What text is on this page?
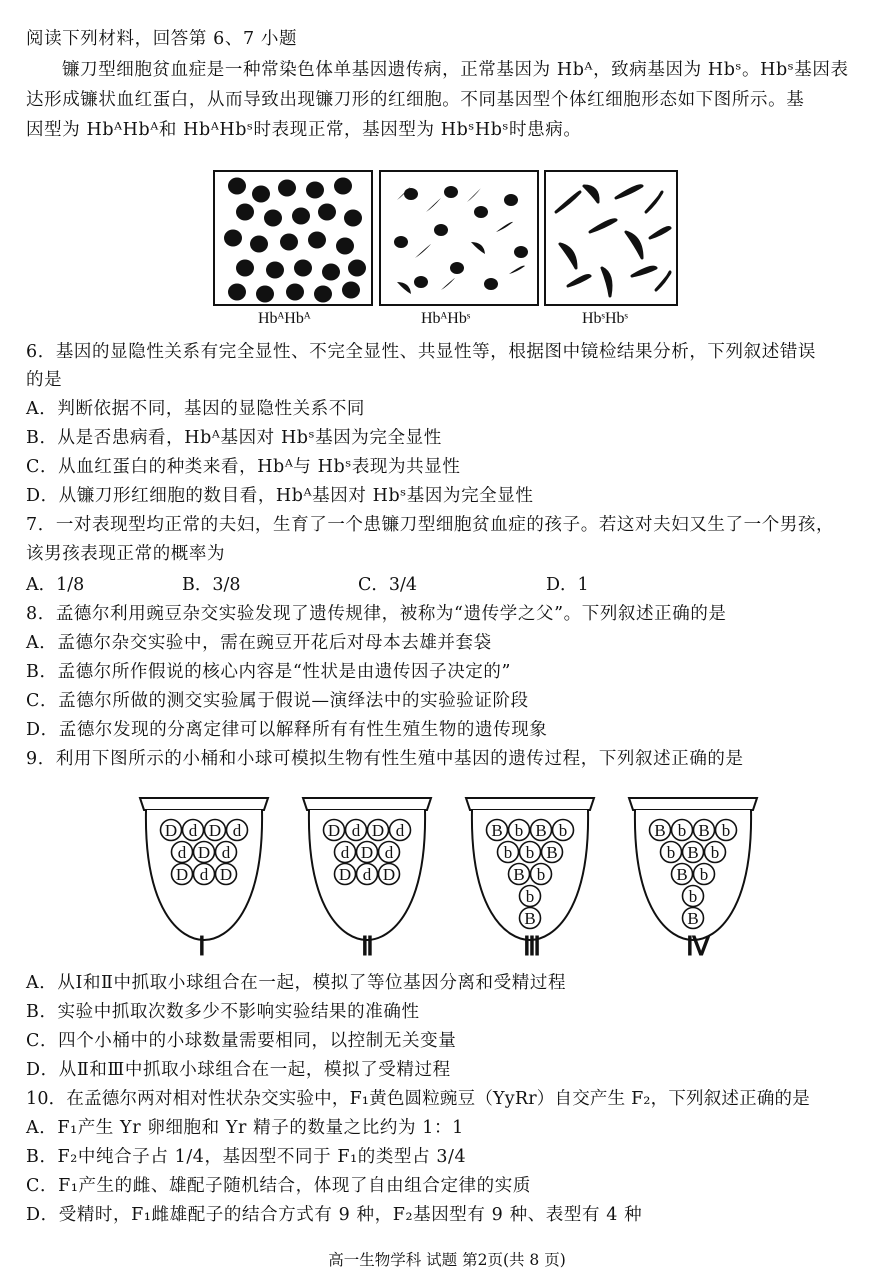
阅读下列材料，回答第 6、7 小题
镰刀型细胞贫血症是一种常染色体单基因遗传病，正常基因为 Hbᴬ，致病基因为 Hbˢ。Hbˢ基因表
达形成镰状血红蛋白，从而导致出现镰刀形的红细胞。不同基因型个体红细胞形态如下图所示。基
因型为 HbᴬHbᴬ和 HbᴬHbˢ时表现正常，基因型为 HbˢHbˢ时患病。
HbᴬHbᴬ	HbᴬHbˢ	HbˢHbˢ
6．基因的显隐性关系有完全显性、不完全显性、共显性等，根据图中镜检结果分析，下列叙述错误
的是
A．判断依据不同，基因的显隐性关系不同
B．从是否患病看，Hbᴬ基因对 Hbˢ基因为完全显性
C．从血红蛋白的种类来看，Hbᴬ与 Hbˢ表现为共显性
D．从镰刀形红细胞的数目看，Hbᴬ基因对 Hbˢ基因为完全显性
7．一对表现型均正常的夫妇，生育了一个患镰刀型细胞贫血症的孩子。若这对夫妇又生了一个男孩，
该男孩表现正常的概率为
A．1/8	B．3/8	C．3/4	D．1
8．孟德尔利用豌豆杂交实验发现了遗传规律，被称为“遗传学之父”。下列叙述正确的是
A．孟德尔杂交实验中，需在豌豆开花后对母本去雄并套袋
B．孟德尔所作假说的核心内容是“性状是由遗传因子决定的”
C．孟德尔所做的测交实验属于假说—演绎法中的实验验证阶段
D．孟德尔发现的分离定律可以解释所有有性生殖生物的遗传现象
9．利用下图所示的小桶和小球可模拟生物有性生殖中基因的遗传过程，下列叙述正确的是
D d D d
d D d
D d D
D d D d
d D d
D d D
B b B b
b b B
B b
b
B
B b B b
b B b
B b
b
B
Ⅰ	Ⅱ	Ⅲ	Ⅳ
A．从Ⅰ和Ⅱ中抓取小球组合在一起，模拟了等位基因分离和受精过程
B．实验中抓取次数多少不影响实验结果的准确性
C．四个小桶中的小球数量需要相同，以控制无关变量
D．从Ⅱ和Ⅲ中抓取小球组合在一起，模拟了受精过程
10．在孟德尔两对相对性状杂交实验中，F₁黄色圆粒豌豆（YyRr）自交产生 F₂，下列叙述正确的是
A．F₁产生 Yr 卵细胞和 Yr 精子的数量之比约为 1：1
B．F₂中纯合子占 1/4，基因型不同于 F₁的类型占 3/4
C．F₁产生的雌、雄配子随机结合，体现了自由组合定律的实质
D．受精时，F₁雌雄配子的结合方式有 9 种，F₂基因型有 9 种、表型有 4 种
高一生物学科 试题 第2页(共 8 页)
